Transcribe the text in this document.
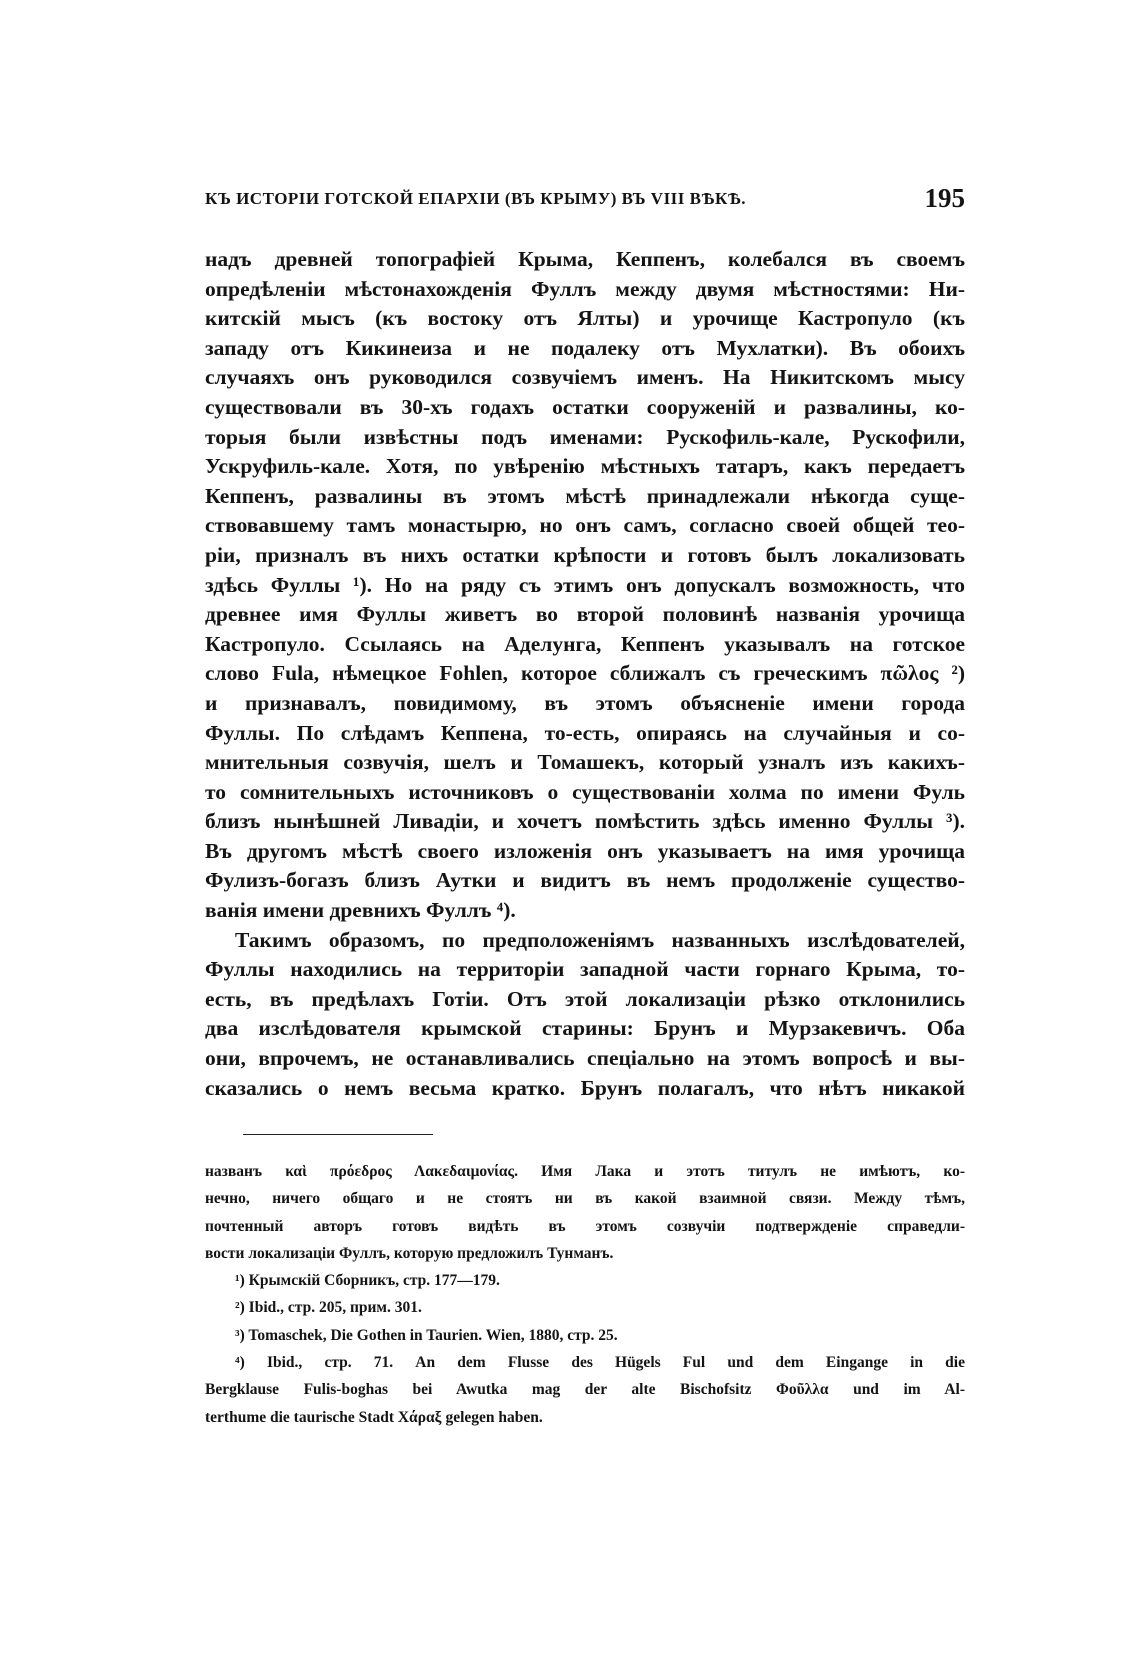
КЪ ИСТОРІИ ГОТСКОЙ ЕПАРХІИ (ВЪ КРЫМУ) ВЪ VIII ВѢКѢ.	195
надъ древней топографіей Крыма, Кеппенъ, колебался въ своемъ
опредѣленіи мѣстонахожденія Фуллъ между двумя мѣстностями: Ни-
китскій мысъ (къ востоку отъ Ялты) и урочище Кастропуло (къ
западу отъ Кикинеиза и не подалеку отъ Мухлатки). Въ обоихъ
случаяхъ онъ руководился созвучіемъ именъ. На Никитскомъ мысу
существовали въ 30-хъ годахъ остатки сооруженій и развалины, ко-
торыя были извѣстны подъ именами: Рускофиль-кале, Рускофили,
Ускруфиль-кале. Хотя, по увѣренію мѣстныхъ татаръ, какъ передаетъ
Кеппенъ, развалины въ этомъ мѣстѣ принадлежали нѣкогда суще-
ствовавшему тамъ монастырю, но онъ самъ, согласно своей общей тео-
ріи, призналъ въ нихъ остатки крѣпости и готовъ былъ локализовать
здѣсь Фуллы ¹). Но на ряду съ этимъ онъ допускалъ возможность, что
древнее имя Фуллы живетъ во второй половинѣ названія урочища
Кастропуло. Ссылаясь на Аделунга, Кеппенъ указывалъ на готское
слово Fula, нѣмецкое Fohlen, которое сближалъ съ греческимъ πῶλος ²)
и признавалъ, повидимому, въ этомъ объясненіе имени города
Фуллы. По слѣдамъ Кеппена, то-есть, опираясь на случайныя и со-
мнительныя созвучія, шелъ и Томашекъ, который узналъ изъ какихъ-
то сомнительныхъ источниковъ о существованіи холма по имени Фуль
близъ нынѣшней Ливадіи, и хочетъ помѣстить здѣсь именно Фуллы ³).
Въ другомъ мѣстѣ своего изложенія онъ указываетъ на имя урочища
Фулизъ-богазъ близъ Аутки и видитъ въ немъ продолженіе существо-
ванія имени древнихъ Фуллъ ⁴).
Такимъ образомъ, по предположеніямъ названныхъ изслѣдователей,
Фуллы находились на территоріи западной части горнаго Крыма, то-
есть, въ предѣлахъ Готіи. Отъ этой локализаціи рѣзко отклонились
два изслѣдователя крымской старины: Брунъ и Мурзакевичъ. Оба
они, впрочемъ, не останавливались спеціально на этомъ вопросѣ и вы-
сказались о немъ весьма кратко. Брунъ полагалъ, что нѣтъ никакой
названъ καὶ πρόεδρος Λακεδαιμονίας. Имя Лака и этотъ титулъ не имѣютъ, ко-
нечно, ничего общаго и не стоятъ ни въ какой взаимной связи. Между тѣмъ,
почтенный авторъ готовъ видѣть въ этомъ созвучіи подтвержденіе справедли-
вости локализаціи Фуллъ, которую предложилъ Тунманъ.
¹) Крымскій Сборникъ, стр. 177—179.
²) Ibid., стр. 205, прим. 301.
³) Tomaschek, Die Gothen in Taurien. Wien, 1880, стр. 25.
⁴) Ibid., стр. 71. An dem Flusse des Hügels Ful und dem Eingange in die
Bergklause Fulis-boghas bei Awutka mag der alte Bischofsitz Φοῦλλα und im Al-
terthume die taurische Stadt Χάραξ gelegen haben.
